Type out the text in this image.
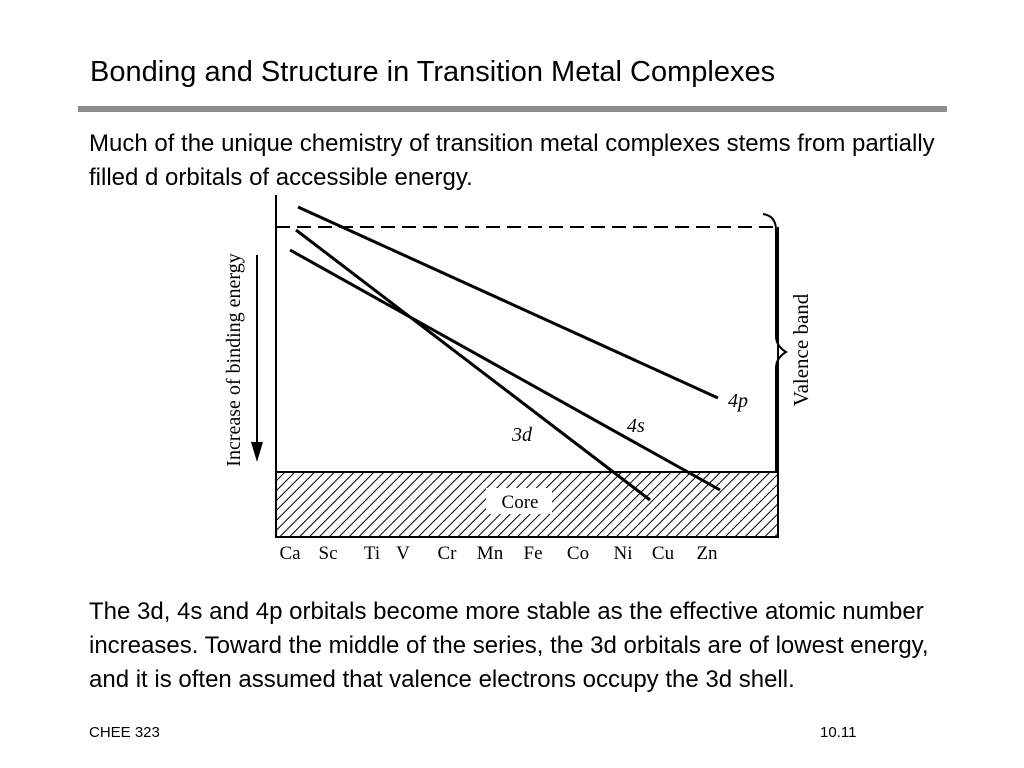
Bonding and Structure in Transition Metal Complexes
Much of the unique chemistry of transition metal complexes stems from partially filled d orbitals of accessible energy.
Increase of binding energy
Core
4p
4s
3d
Valence band
Ca Sc Ti V Cr Mn Fe Co Ni Cu Zn
The 3d, 4s and 4p orbitals become more stable as the effective atomic number increases. Toward the middle of the series, the 3d orbitals are of lowest energy, and it is often assumed that valence electrons occupy the 3d shell.
CHEE 323	10.11
